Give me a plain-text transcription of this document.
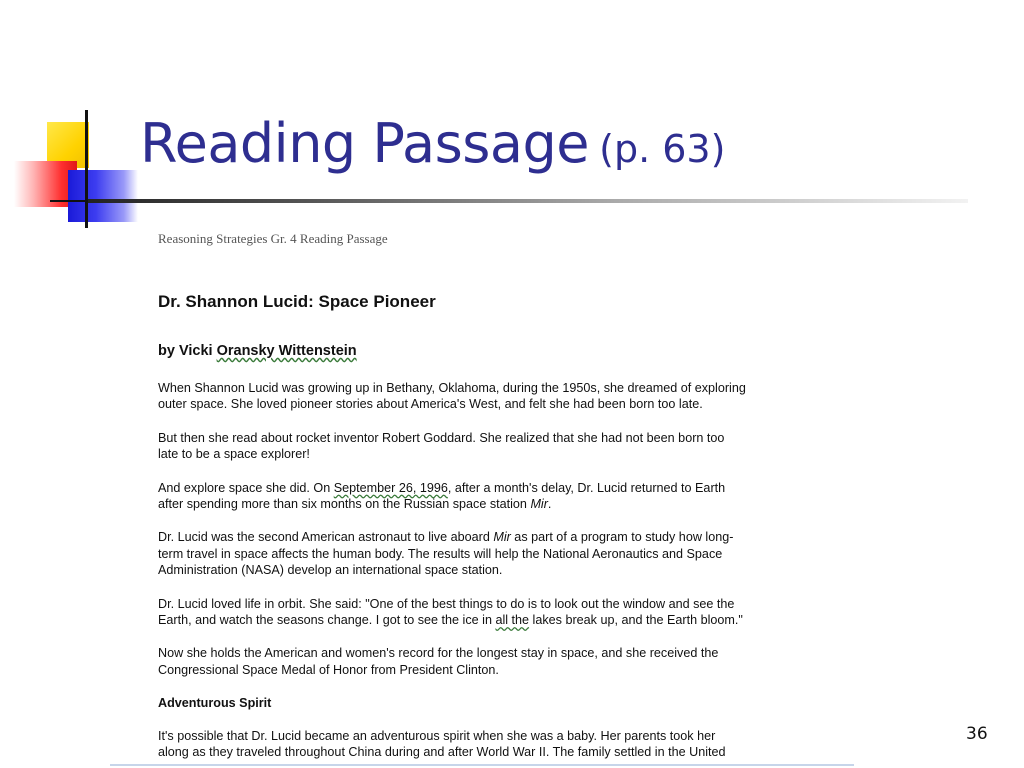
Reading Passage (p. 63)
Reasoning Strategies Gr. 4 Reading Passage
Dr. Shannon Lucid: Space Pioneer
by Vicki Oransky Wittenstein
When Shannon Lucid was growing up in Bethany, Oklahoma, during the 1950s, she dreamed of exploring
outer space. She loved pioneer stories about America's West, and felt she had been born too late.
But then she read about rocket inventor Robert Goddard. She realized that she had not been born too
late to be a space explorer!
And explore space she did. On September 26, 1996, after a month's delay, Dr. Lucid returned to Earth
after spending more than six months on the Russian space station Mir.
Dr. Lucid was the second American astronaut to live aboard Mir as part of a program to study how long-
term travel in space affects the human body. The results will help the National Aeronautics and Space
Administration (NASA) develop an international space station.
Dr. Lucid loved life in orbit. She said: "One of the best things to do is to look out the window and see the
Earth, and watch the seasons change. I got to see the ice in all the lakes break up, and the Earth bloom."
Now she holds the American and women's record for the longest stay in space, and she received the
Congressional Space Medal of Honor from President Clinton.
Adventurous Spirit
It's possible that Dr. Lucid became an adventurous spirit when she was a baby. Her parents took her
along as they traveled throughout China during and after World War II. The family settled in the United
36
